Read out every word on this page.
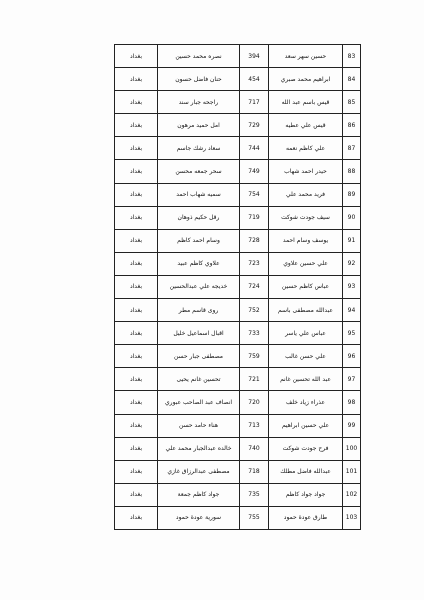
83	حسين سهر سعد	394	نصره محمد حسين	بغداد
84	ابراهيم محمد صبري	454	حنان فاضل حسون	بغداد
85	قيس باسم عبد الله	717	راجحه جبار سند	بغداد
86	قيس علي عطيه	729	امل حميد مرهون	بغداد
87	علي كاظم نعمه	744	سعاد رشك جاسم	بغداد
88	حيدر احمد شهاب	749	سحر جمعه محسن	بغداد
89	فريد محمد علي	754	سميه شهاب احمد	بغداد
90	سيف جودت شوكت	719	رقل حكيم ذوهان	بغداد
91	يوسف وسام احمد	728	وسام احمد كاظم	بغداد
92	علي حسين علاوي	723	علاوي كاظم عبيد	بغداد
93	عباس كاظم حسين	724	خديجه علي عبدالحسين	بغداد
94	عبدالله مصطفى باسم	752	روى قاسم مطر	بغداد
95	عباس علي ياسر	733	اقبال اسماعيل خليل	بغداد
96	علي حسن غالب	759	مصطفى جبار حسن	بغداد
97	عبد الله تحسين غانم	721	تحسين غانم يحيى	بغداد
98	عذراء زياد خلف	720	انصاف عبد الصاحب عبوري	بغداد
99	علي حسين ابراهيم	713	هناء حامد حسن	بغداد
100	فرح جودت شوكت	740	خالده عبدالجبار محمد علي	بغداد
101	عبدالله فاضل مطلك	718	مصطفى عبدالرزاق غازي	بغداد
102	جواد جواد كاظم	735	جواد كاظم جمعة	بغداد
103	طارق عودة حمود	755	سورية عودة حمود	بغداد
